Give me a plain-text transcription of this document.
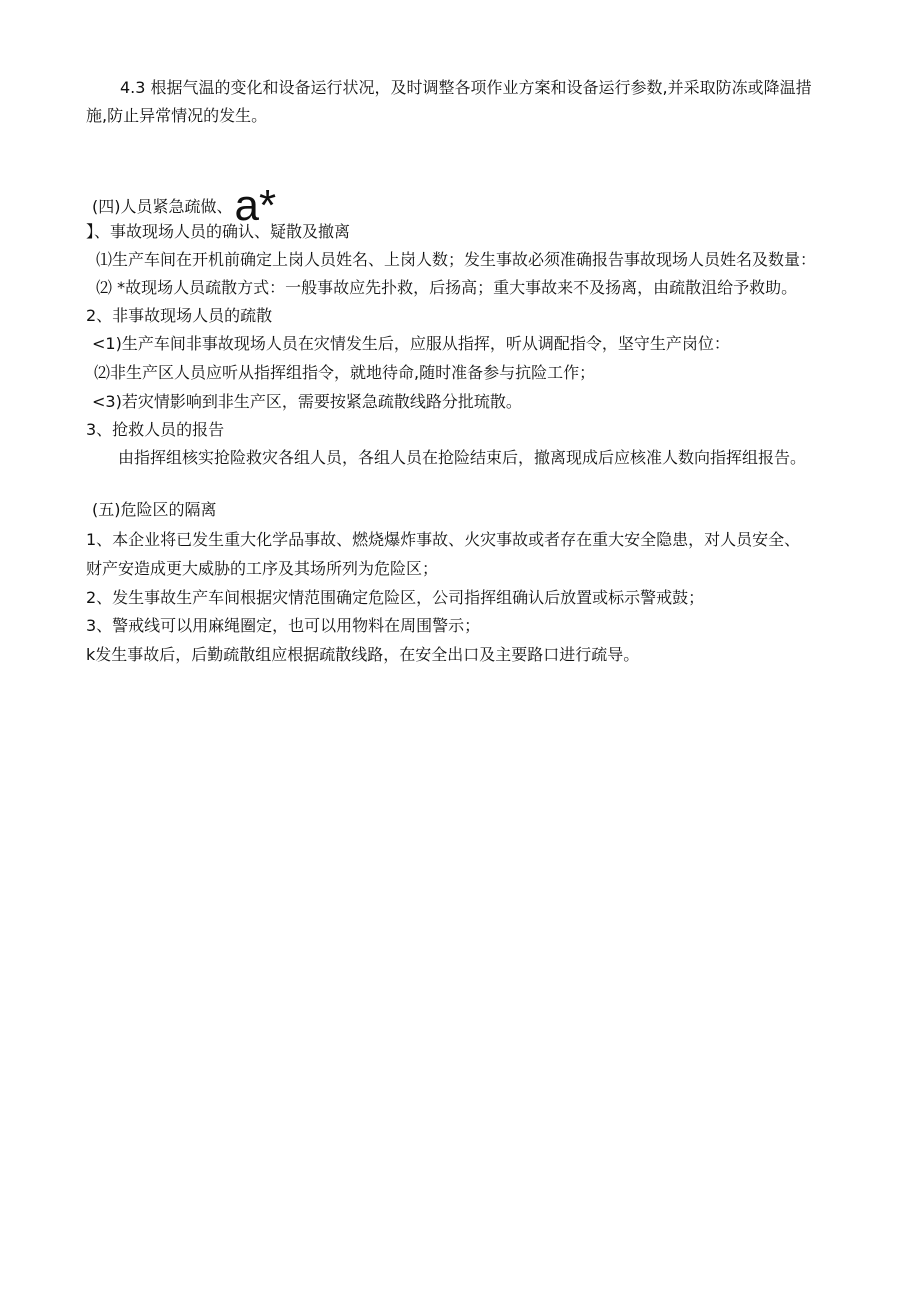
4.3 根据气温的变化和设备运行状况，及时调整各项作业方案和设备运行参数,并采取防冻或降温措
施,防止异常情况的发生。
(四)人员紧急疏做、a*
】、事故现场人员的确认、疑散及撤离
⑴生产车间在开机前确定上岗人员姓名、上岗人数；发生事故必须准确报告事故现场人员姓名及数量：
⑵ *故现场人员疏散方式：一般事故应先扑救，后扬高；重大事故来不及扬离，由疏散沮给予救助。
2、非事故现场人员的疏散
<1)生产车间非事故现场人员在灾情发生后，应服从指挥，听从调配指令，坚守生产岗位：
⑵非生产区人员应听从指挥组指令，就地待命,随时准备参与抗险工作；
<3)若灾情影响到非生产区，需要按紧急疏散线路分批琉散。
3、抢救人员的报告
由指挥组核实抢险救灾各组人员，各组人员在抢险结束后，撤离现成后应核准人数向指挥组报告。
(五)危险区的隔离
1、本企业将已发生重大化学品事故、燃烧爆炸事故、火灾事故或者存在重大安全隐患，对人员安全、
财产安造成更大威胁的工序及其场所列为危险区；
2、发生事故生产车间根据灾情范围确定危险区，公司指挥组确认后放置或标示警戒鼓；
3、警戒线可以用麻绳圈定，也可以用物料在周围警示；
k发生事故后，后勤疏散组应根据疏散线路，在安全出口及主要路口进行疏导。
